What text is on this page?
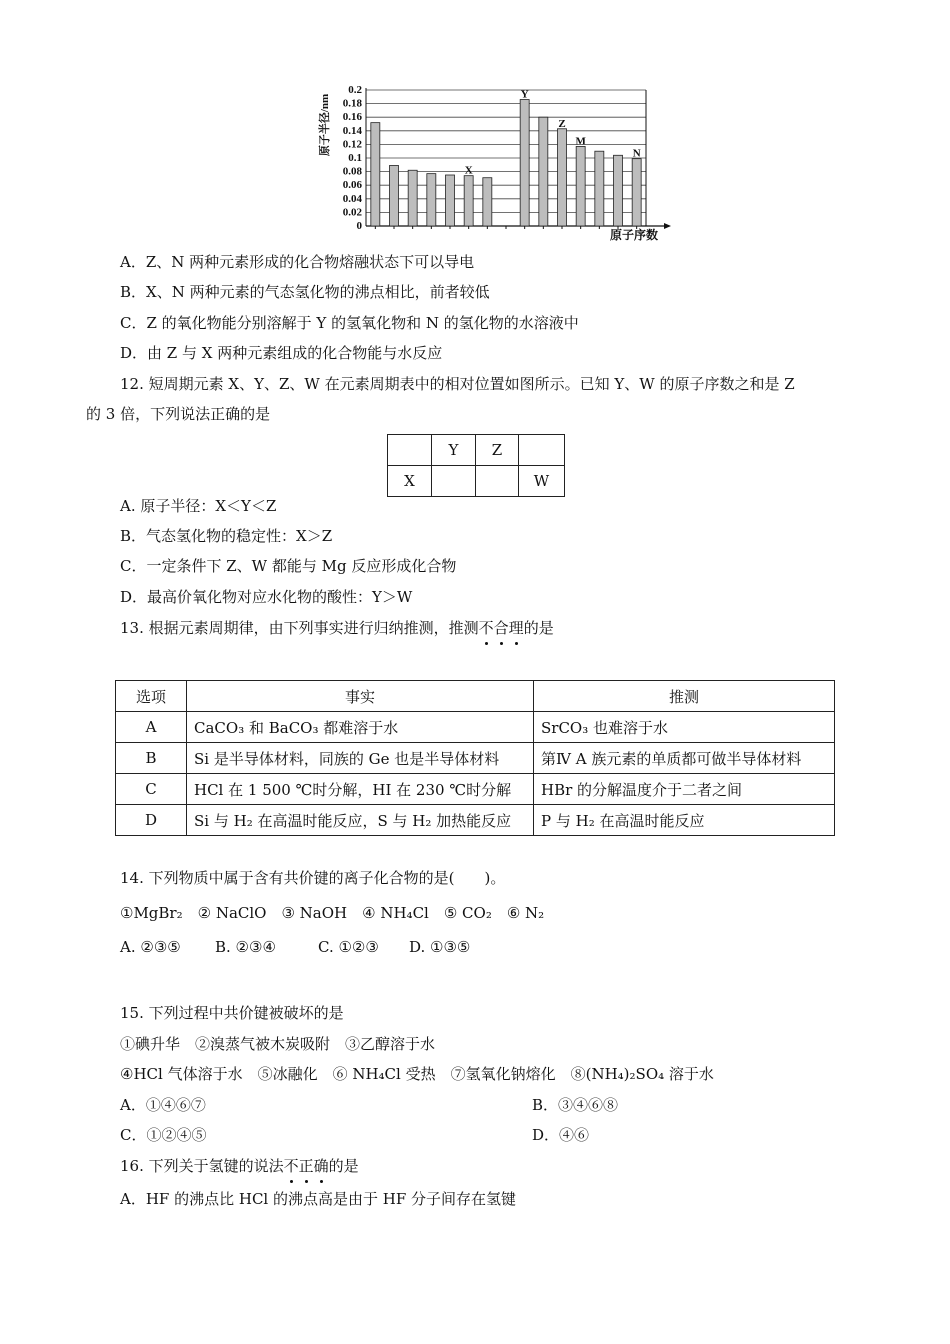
0
0.02
0.04
0.06
0.08
0.1
0.12
0.14
0.16
0.18
0.2
X
Y
Z
M
N
原子序数
原子半径/nm
A．Z、N 两种元素形成的化合物熔融状态下可以导电
B．X、N 两种元素的气态氢化物的沸点相比，前者较低
C．Z 的氧化物能分别溶解于 Y 的氢氧化物和 N 的氢化物的水溶液中
D．由 Z 与 X 两种元素组成的化合物能与水反应
12. 短周期元素 X、Y、Z、W 在元素周期表中的相对位置如图所示。已知 Y、W 的原子序数之和是 Z
的 3 倍，下列说法正确的是
	Y	Z	
X			W
A. 原子半径：X＜Y＜Z
B．气态氢化物的稳定性：X＞Z
C．一定条件下 Z、W 都能与 Mg 反应形成化合物
D．最高价氧化物对应水化物的酸性：Y＞W
13. 根据元素周期律，由下列事实进行归纳推测，推测不合理的是
选项	事实	推测
A	CaCO₃ 和 BaCO₃ 都难溶于水	SrCO₃ 也难溶于水
B	Si 是半导体材料，同族的 Ge 也是半导体材料	第Ⅳ A 族元素的单质都可做半导体材料
C	HCl 在 1 500 ℃时分解，HI 在 230 ℃时分解	HBr 的分解温度介于二者之间
D	Si 与 H₂ 在高温时能反应，S 与 H₂ 加热能反应	P 与 H₂ 在高温时能反应
14. 下列物质中属于含有共价键的离子化合物的是(　　)。
①MgBr₂　② NaClO　③ NaOH　④ NH₄Cl　⑤ CO₂　⑥ N₂
A. ②③⑤ B. ②③④	C. ①②③ D. ①③⑤
15. 下列过程中共价键被破坏的是
①碘升华　②溴蒸气被木炭吸附　③乙醇溶于水
④HCl 气体溶于水　⑤冰融化　⑥ NH₄Cl 受热　⑦氢氧化钠熔化　⑧(NH₄)₂SO₄ 溶于水
A．①④⑥⑦	B．③④⑥⑧
C．①②④⑤	D．④⑥
16. 下列关于氢键的说法不正确的是
A．HF 的沸点比 HCl 的沸点高是由于 HF 分子间存在氢键
